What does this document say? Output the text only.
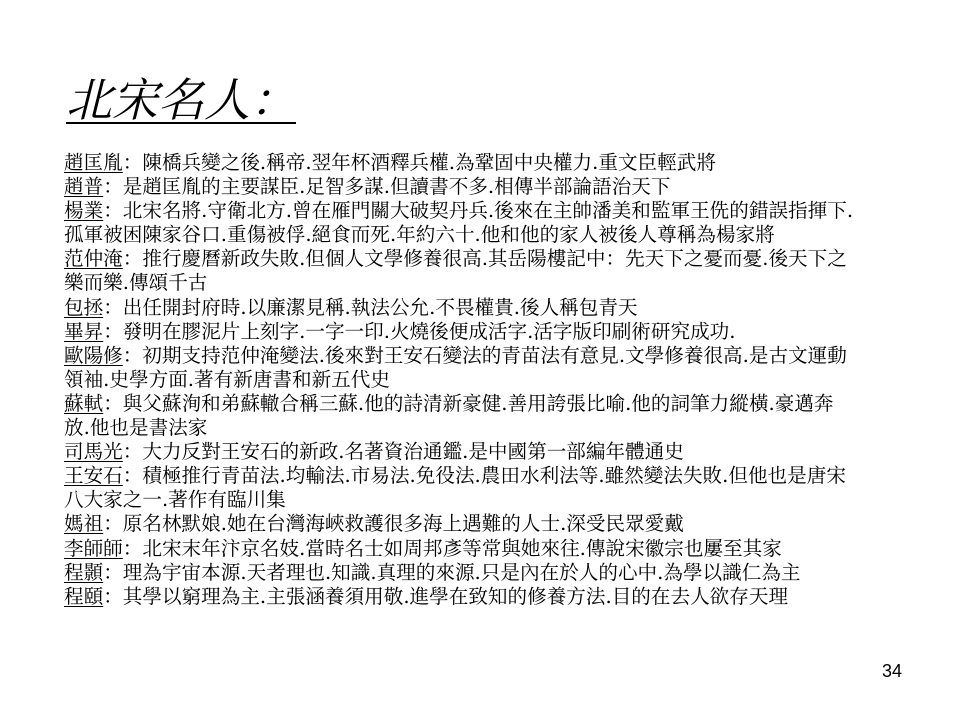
北宋名人：
趙匡胤：陳橋兵變之後.稱帝.翌年杯酒釋兵權.為鞏固中央權力.重文臣輕武將
趙普：是趙匡胤的主要謀臣.足智多謀.但讀書不多.相傳半部論語治天下
楊業：北宋名將.守衛北方.曾在雁門關大破契丹兵.後來在主帥潘美和監軍王侁的錯誤指揮下.孤軍被困陳家谷口.重傷被俘.絕食而死.年約六十.他和他的家人被後人尊稱為楊家將
范仲淹：推行慶曆新政失敗.但個人文學修養很高.其岳陽樓記中：先天下之憂而憂.後天下之樂而樂.傳頌千古
包拯：出任開封府時.以廉潔見稱.執法公允.不畏權貴.後人稱包青天
畢昇：發明在膠泥片上刻字.一字一印.火燒後便成活字.活字版印刷術研究成功.
歐陽修：初期支持范仲淹變法.後來對王安石變法的青苗法有意見.文學修養很高.是古文運動領袖.史學方面.著有新唐書和新五代史
蘇軾：與父蘇洵和弟蘇轍合稱三蘇.他的詩清新豪健.善用誇張比喻.他的詞筆力縱橫.豪邁奔放.他也是書法家
司馬光：大力反對王安石的新政.名著資治通鑑.是中國第一部編年體通史
王安石：積極推行青苗法.均輸法.市易法.免役法.農田水利法等.雖然變法失敗.但他也是唐宋八大家之一.著作有臨川集
媽祖：原名林默娘.她在台灣海峽救護很多海上遇難的人士.深受民眾愛戴
李師師：北宋末年汴京名妓.當時名士如周邦彥等常與她來往.傳說宋徽宗也屢至其家
程顥：理為宇宙本源.天者理也.知識.真理的來源.只是內在於人的心中.為學以識仁為主
程頤：其學以窮理為主.主張涵養須用敬.進學在致知的修養方法.目的在去人欲存天理
34
